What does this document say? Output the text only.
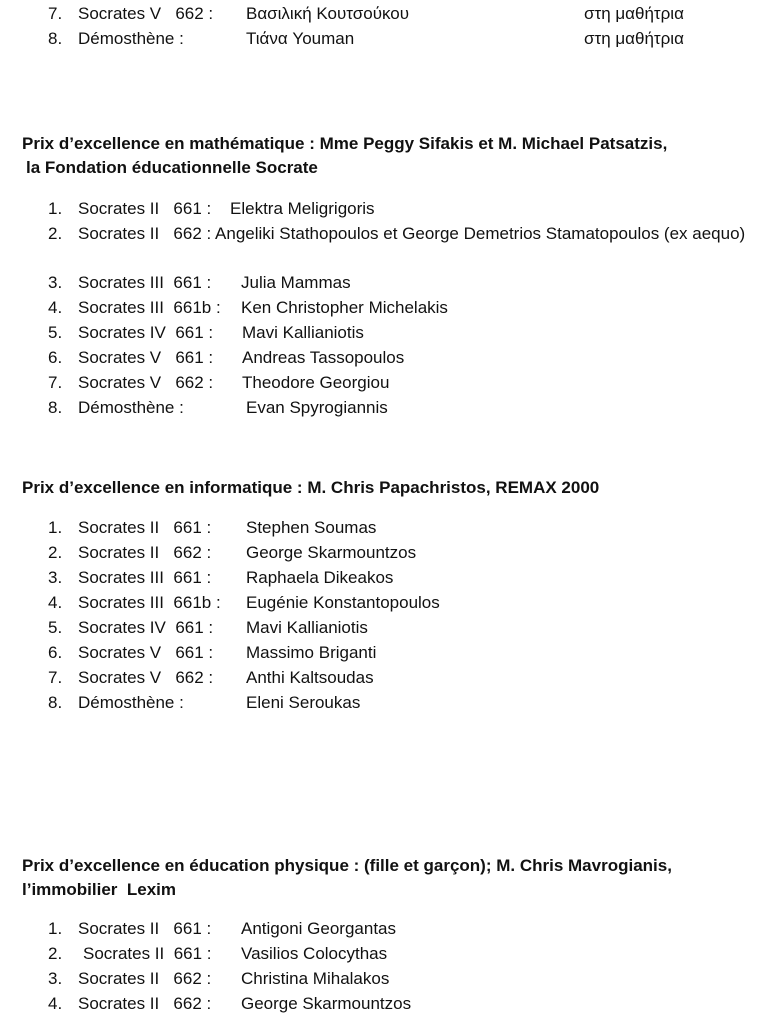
7. Socrates V   662 : Βασιλική Κουτσούκου	στη μαθήτρια
8. Démosthène :	Τιάνα Youman	στη μαθήτρια
Prix d’excellence en mathématique : Mme Peggy Sifakis et M. Michael Patsatzis,
la Fondation éducationnelle Socrate
1. Socrates II   661 : Elektra Meligrigoris
2. Socrates II   662 : Angeliki Stathopoulos et George Demetrios Stamatopoulos (ex aequo)
3. Socrates III  661 : Julia Mammas
4. Socrates III  661b : Ken Christopher Michelakis
5. Socrates IV  661 : Mavi Kallianiotis
6. Socrates V   661 : Andreas Tassopoulos
7. Socrates V   662 : Theodore Georgiou
8. Démosthène :	Evan Spyrogiannis
Prix d’excellence en informatique : M. Chris Papachristos, REMAX 2000
1. Socrates II   661 : Stephen Soumas
2. Socrates II   662 : George Skarmountzos
3. Socrates III  661 : Raphaela Dikeakos
4. Socrates III  661b : Eugénie Konstantopoulos
5. Socrates IV  661 : Mavi Kallianiotis
6. Socrates V   661 : Massimo Briganti
7. Socrates V   662 : Anthi Kaltsoudas
8. Démosthène :	Eleni Seroukas
Prix d’excellence en éducation physique : (fille et garçon); M. Chris Mavrogianis,
l’immobilier  Lexim
1. Socrates II   661 : Antigoni Georgantas
2. Socrates II  661 : Vasilios Colocythas
3. Socrates II   662 : Christina Mihalakos
4. Socrates II   662 : George Skarmountzos
